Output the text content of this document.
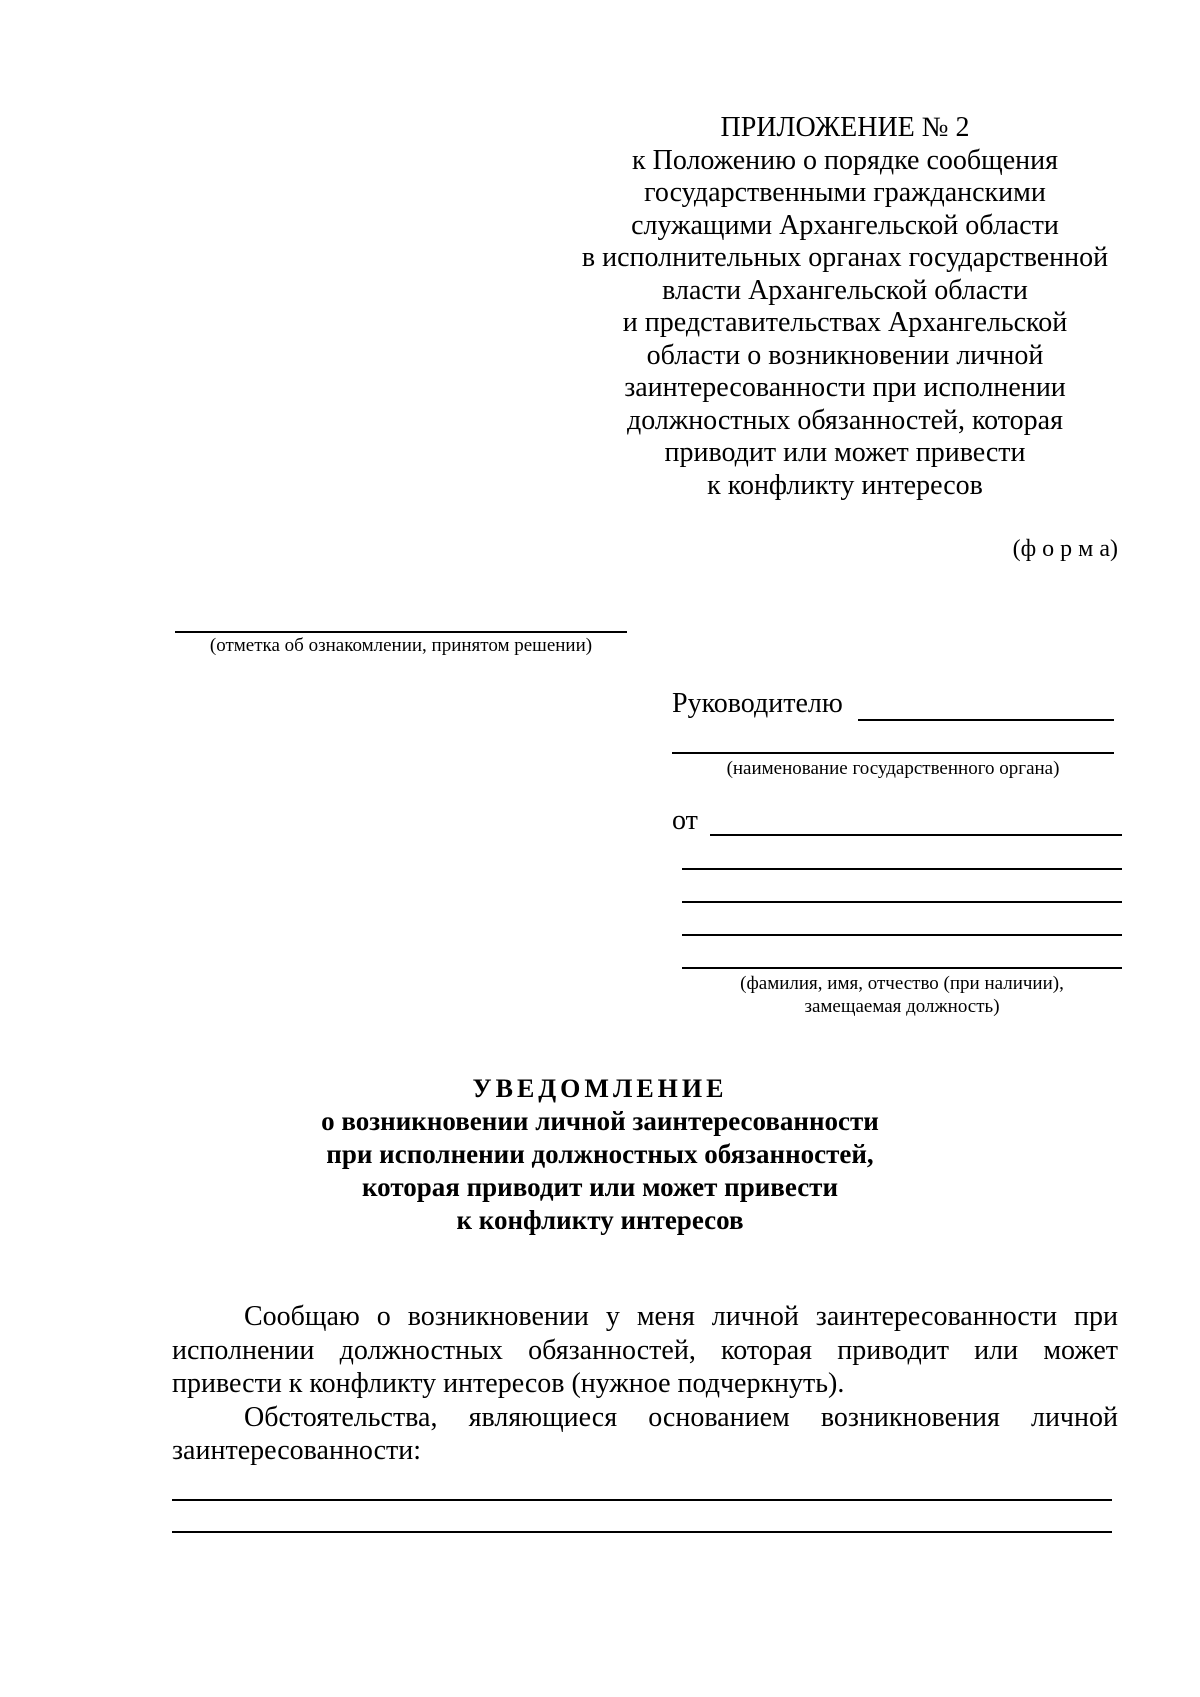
ПРИЛОЖЕНИЕ № 2
к Положению о порядке сообщения
государственными гражданскими
служащими Архангельской области
в исполнительных органах государственной
власти Архангельской области
и представительствах Архангельской
области о возникновении личной
заинтересованности при исполнении
должностных обязанностей, которая
приводит или может привести
к конфликту интересов
(ф о р м а)
(отметка об ознакомлении, принятом решении)
Руководителю
(наименование государственного органа)
от
(фамилия, имя, отчество (при наличии),
замещаемая должность)
УВЕДОМЛЕНИЕ
о возникновении личной заинтересованности
при исполнении должностных обязанностей,
которая приводит или может привести
к конфликту интересов

Сообщаю о возникновении у меня личной заинтересованности при исполнении должностных обязанностей, которая приводит или может привести к конфликту интересов (нужное подчеркнуть).

Обстоятельства, являющиеся основанием возникновения личной заинтересованности:
